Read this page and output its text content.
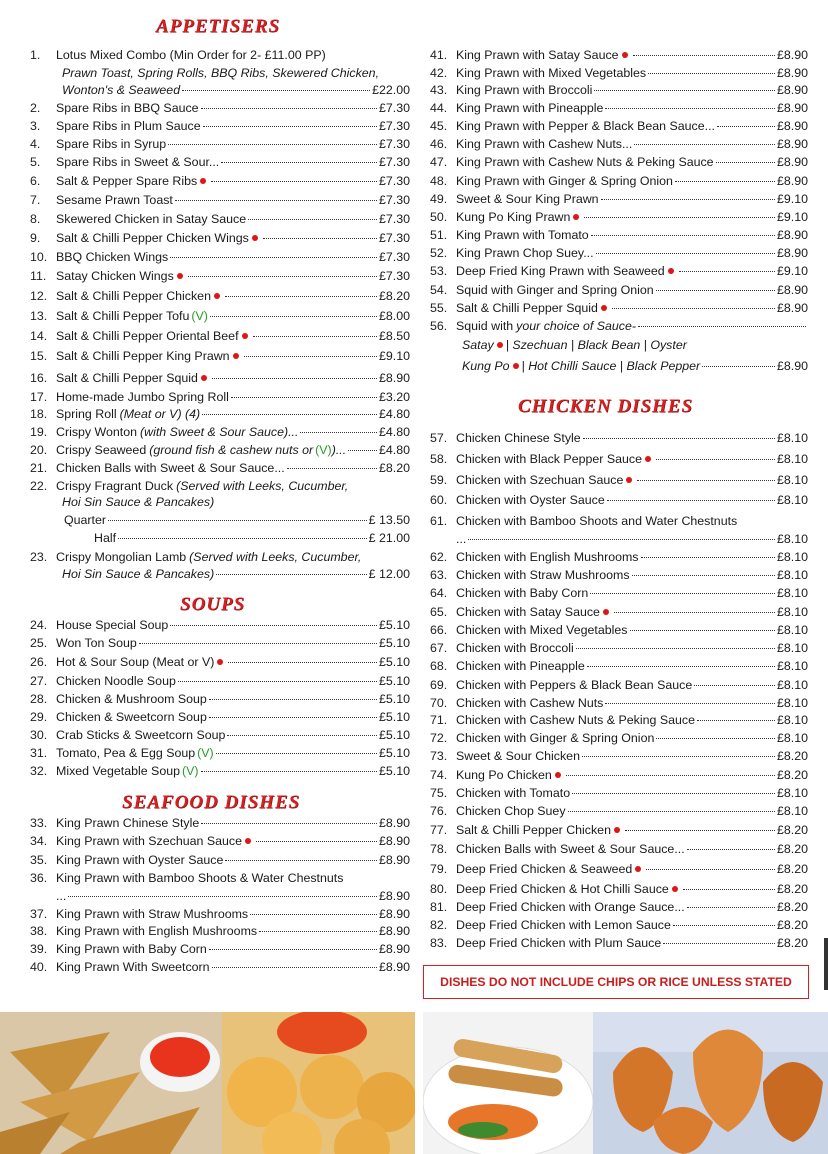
APPETISERS
1.	Lotus Mixed Combo (Min Order for 2- £11.00 PP)
Prawn Toast, Spring Rolls, BBQ Ribs, Skewered Chicken,
Wonton's & Seaweed	£22.00
2.	Spare Ribs in BBQ Sauce	£7.30
3.	Spare Ribs in Plum Sauce	£7.30
4.	Spare Ribs in Syrup	£7.30
5.	Spare Ribs in Sweet & Sour...	£7.30
6.	Salt & Pepper Spare Ribs	£7.30
7.	Sesame Prawn Toast	£7.30
8.	Skewered Chicken in Satay Sauce	£7.30
9.	Salt & Chilli Pepper Chicken Wings	£7.30
10. BBQ Chicken Wings	£7.30
11. Satay Chicken Wings	£7.30
12. Salt & Chilli Pepper Chicken	£8.20
13. Salt & Chilli Pepper Tofu (V)	£8.00
14. Salt & Chilli Pepper Oriental Beef	£8.50
15. Salt & Chilli Pepper King Prawn	£9.10
16. Salt & Chilli Pepper Squid	£8.90
17. Home-made Jumbo Spring Roll	£3.20
18. Spring Roll (Meat or V) (4)	£4.80
19. Crispy Wonton (with Sweet & Sour Sauce)...	£4.80
20. Crispy Seaweed (ground fish & cashew nuts or (V))...	£4.80
21. Chicken Balls with Sweet & Sour Sauce...	£8.20
22. Crispy Fragrant Duck (Served with Leeks, Cucumber,
Hoi Sin Sauce & Pancakes)
Quarter	£ 13.50
Half	£ 21.00
23. Crispy Mongolian Lamb (Served with Leeks, Cucumber,
Hoi Sin Sauce & Pancakes)	£ 12.00
SOUPS
24. House Special Soup	£5.10
25. Won Ton Soup	£5.10
26. Hot & Sour Soup (Meat or V)	£5.10
27. Chicken Noodle Soup	£5.10
28. Chicken & Mushroom Soup	£5.10
29. Chicken & Sweetcorn Soup	£5.10
30. Crab Sticks & Sweetcorn Soup	£5.10
31. Tomato, Pea & Egg Soup (V)	£5.10
32. Mixed Vegetable Soup (V)	£5.10
SEAFOOD DISHES
33. King Prawn Chinese Style	£8.90
34. King Prawn with Szechuan Sauce	£8.90
35. King Prawn with Oyster Sauce	£8.90
36. King Prawn with Bamboo Shoots & Water Chestnuts
...	£8.90
37. King Prawn with Straw Mushrooms	£8.90
38. King Prawn with English Mushrooms	£8.90
39. King Prawn with Baby Corn	£8.90
40. King Prawn With Sweetcorn	£8.90
41. King Prawn with Satay Sauce	£8.90
42. King Prawn with Mixed Vegetables	£8.90
43. King Prawn with Broccoli	£8.90
44. King Prawn with Pineapple	£8.90
45. King Prawn with Pepper & Black Bean Sauce...	£8.90
46. King Prawn with Cashew Nuts...	£8.90
47. King Prawn with Cashew Nuts & Peking Sauce	£8.90
48. King Prawn with Ginger & Spring Onion	£8.90
49. Sweet & Sour King Prawn	£9.10
50. Kung Po King Prawn	£9.10
51. King Prawn with Tomato	£8.90
52. King Prawn Chop Suey...	£8.90
53. Deep Fried King Prawn with Seaweed	£9.10
54. Squid with Ginger and Spring Onion	£8.90
55. Salt & Chilli Pepper Squid	£8.90
56. Squid with your choice of Sauce-
Satay | Szechuan | Black Bean | Oyster
Kung Po | Hot Chilli Sauce | Black Pepper	£8.90
CHICKEN DISHES
57. Chicken Chinese Style	£8.10
58. Chicken with Black Pepper Sauce	£8.10
59. Chicken with Szechuan Sauce	£8.10
60. Chicken with Oyster Sauce	£8.10
61. Chicken with Bamboo Shoots and Water Chestnuts
...	£8.10
62. Chicken with English Mushrooms	£8.10
63. Chicken with Straw Mushrooms	£8.10
64. Chicken with Baby Corn	£8.10
65. Chicken with Satay Sauce	£8.10
66. Chicken with Mixed Vegetables	£8.10
67. Chicken with Broccoli	£8.10
68. Chicken with Pineapple	£8.10
69. Chicken with Peppers & Black Bean Sauce	£8.10
70. Chicken with Cashew Nuts	£8.10
71. Chicken with Cashew Nuts & Peking Sauce	£8.10
72. Chicken with Ginger & Spring Onion	£8.10
73. Sweet & Sour Chicken	£8.20
74. Kung Po Chicken	£8.20
75. Chicken with Tomato	£8.10
76. Chicken Chop Suey	£8.10
77. Salt & Chilli Pepper Chicken	£8.20
78. Chicken Balls with Sweet & Sour Sauce...	£8.20
79. Deep Fried Chicken & Seaweed	£8.20
80. Deep Fried Chicken & Hot Chilli Sauce	£8.20
81. Deep Fried Chicken with Orange Sauce...	£8.20
82. Deep Fried Chicken with Lemon Sauce	£8.20
83. Deep Fried Chicken with Plum Sauce	£8.20
DISHES DO NOT INCLUDE CHIPS OR RICE UNLESS STATED
